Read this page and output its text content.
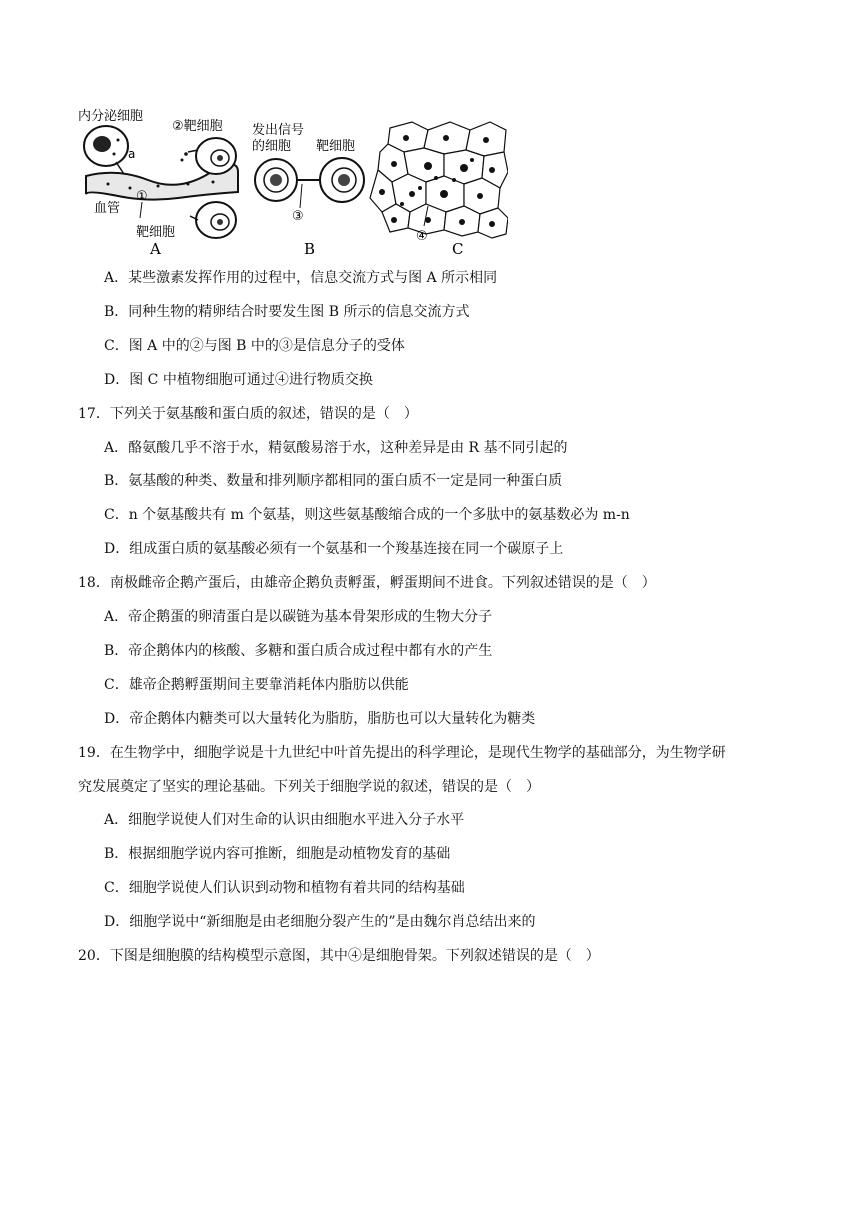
内分泌细胞
②靶细胞
a
①
血管
靶细胞
A
发出信号
的细胞 靶细胞
③
B
④
C
A．某些激素发挥作用的过程中，信息交流方式与图 A 所示相同
B．同种生物的精卵结合时要发生图 B 所示的信息交流方式
C．图 A 中的②与图 B 中的③是信息分子的受体
D．图 C 中植物细胞可通过④进行物质交换
17．下列关于氨基酸和蛋白质的叙述，错误的是（　）
A．酪氨酸几乎不溶于水，精氨酸易溶于水，这种差异是由 R 基不同引起的
B．氨基酸的种类、数量和排列顺序都相同的蛋白质不一定是同一种蛋白质
C．n 个氨基酸共有 m 个氨基，则这些氨基酸缩合成的一个多肽中的氨基数必为 m-n
D．组成蛋白质的氨基酸必须有一个氨基和一个羧基连接在同一个碳原子上
18．南极雌帝企鹅产蛋后，由雄帝企鹅负责孵蛋，孵蛋期间不进食。下列叙述错误的是（　）
A．帝企鹅蛋的卵清蛋白是以碳链为基本骨架形成的生物大分子
B．帝企鹅体内的核酸、多糖和蛋白质合成过程中都有水的产生
C．雄帝企鹅孵蛋期间主要靠消耗体内脂肪以供能
D．帝企鹅体内糖类可以大量转化为脂肪，脂肪也可以大量转化为糖类
19．在生物学中，细胞学说是十九世纪中叶首先提出的科学理论，是现代生物学的基础部分，为生物学研
究发展奠定了坚实的理论基础。下列关于细胞学说的叙述，错误的是（　）
A．细胞学说使人们对生命的认识由细胞水平进入分子水平
B．根据细胞学说内容可推断，细胞是动植物发育的基础
C．细胞学说使人们认识到动物和植物有着共同的结构基础
D．细胞学说中“新细胞是由老细胞分裂产生的”是由魏尔肖总结出来的
20．下图是细胞膜的结构模型示意图，其中④是细胞骨架。下列叙述错误的是（　）
